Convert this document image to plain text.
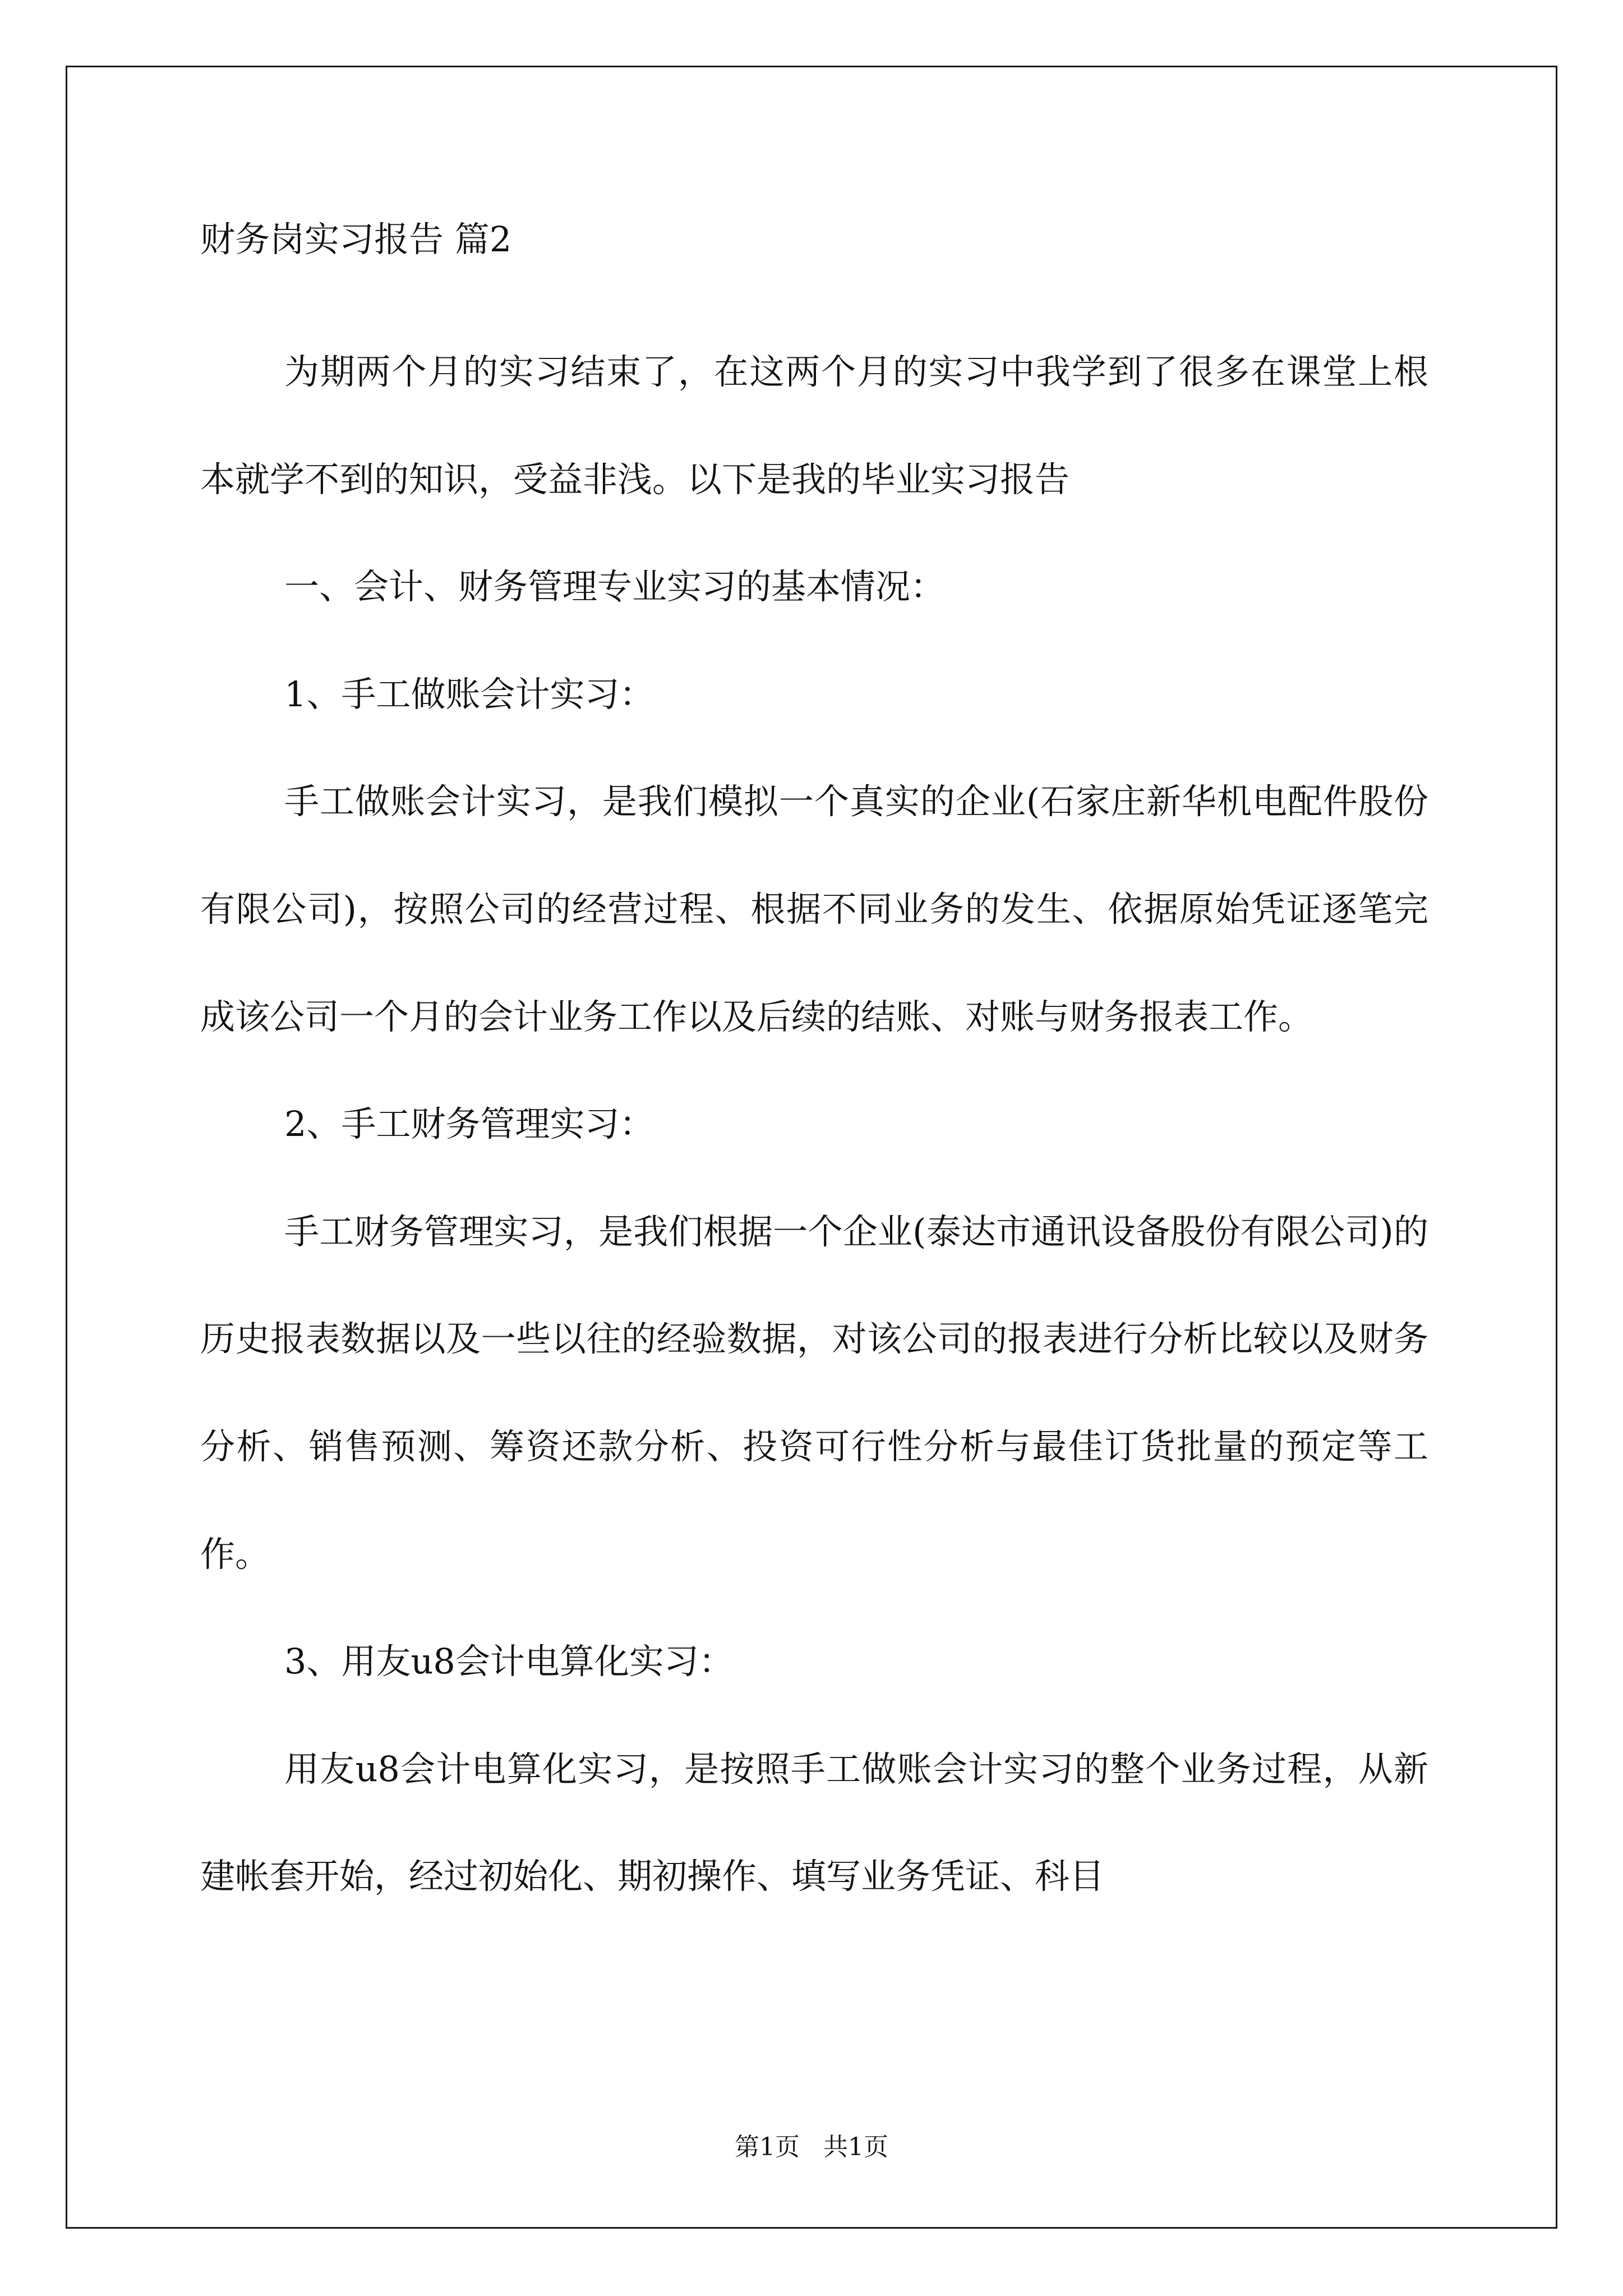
财务岗实习报告 篇2

为期两个月的实习结束了，在这两个月的实习中我学到了很多在课堂上根本就学不到的知识，受益非浅。以下是我的毕业实习报告

一、会计、财务管理专业实习的基本情况：

1、手工做账会计实习：

手工做账会计实习，是我们模拟一个真实的企业(石家庄新华机电配件股份有限公司)，按照公司的经营过程、根据不同业务的发生、依据原始凭证逐笔完成该公司一个月的会计业务工作以及后续的结账、对账与财务报表工作。

2、手工财务管理实习：

手工财务管理实习，是我们根据一个企业(泰达市通讯设备股份有限公司)的历史报表数据以及一些以往的经验数据，对该公司的报表进行分析比较以及财务分析、销售预测、筹资还款分析、投资可行性分析与最佳订货批量的预定等工作。

3、用友u8会计电算化实习：

用友u8会计电算化实习，是按照手工做账会计实习的整个业务过程，从新建帐套开始，经过初始化、期初操作、填写业务凭证、科目

第1页   共1页
